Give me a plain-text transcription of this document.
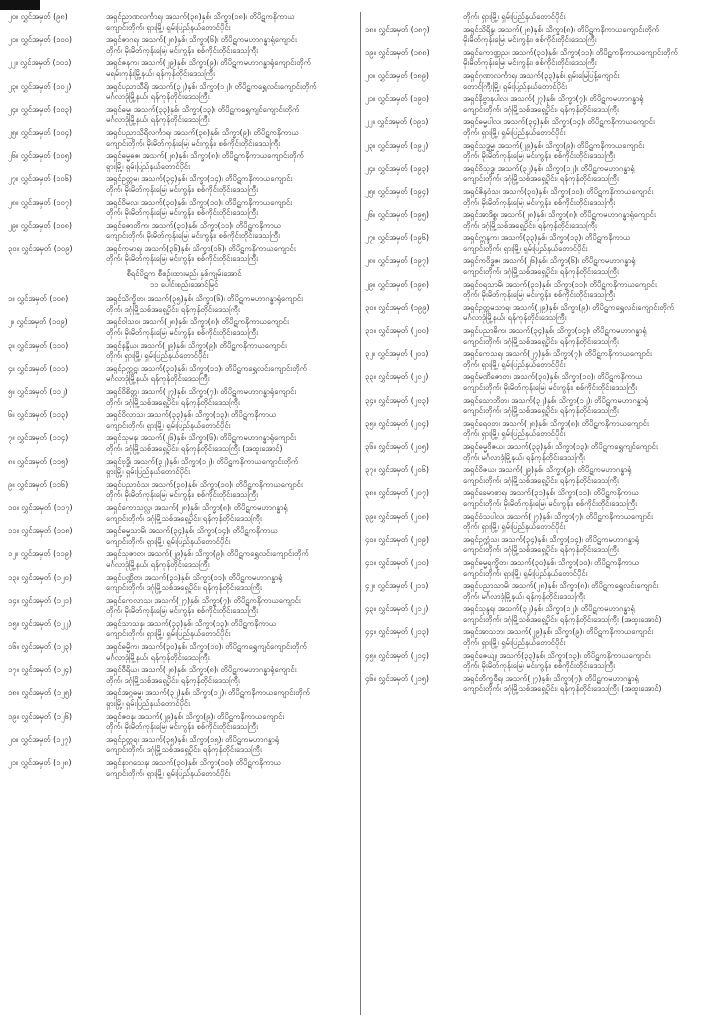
၂၀။ လွှင်အမှတ် (၉၈)	အရှင်ညာဏလင်္ကာရ၊ အသက်(၃၈)နှစ်၊ သိက္ခာ(၁၈)၊ တိပိဋကနိကာယ
ကျောင်းတိုက်၊ ရှားမြို့၊ ရှမ်းပြည်နယ်တောင်ပိုင်း
၂၁။ လွှင်အမှတ် (၁၀၀)	အရှင်ဇာဂရ၊ အသက်(၂၈)နှစ်၊ သိက္ခာ(၆)၊ တိပိဋကမဟာဂန္ဓာရုံကျောင်း
တိုက်၊ မိုးမိတ်ကုန်းမြေ၊ မင်းကွန်း၊ စစ်ကိုင်းတိုင်းဒေသကြီး
၂၂။ လွှင်အမှတ် (၁၀၁)	အရှင်ဇနက၊ အသက်(၂၉)နှစ်၊ သိက္ခာ(၉)၊ တိပိဋကမဟာဂန္ဓာရုံကျောင်းတိုက်
မရမ်းကုန်းမြို့နယ်၊ ရန်ကုန်တိုင်းဒေသကြီး
၂၃။ လွှင်အမှတ် (၁၀၂)	အရှင်ပညာသီရိ၊ အသက်(၃၂)နှစ်၊ သိက္ခာ(၁၂)၊ တိပိဋကရွှေလင်းကျောင်းတိုက်
မင်္ဂလာဒုံမြို့နယ်၊ ရန်ကုန်တိုင်းဒေသကြီး
၂၄။ လွှင်အမှတ် (၁၀၃)	အရှင်ဓမ္မ၊ အသက်(၃၃)နှစ်၊ သိက္ခာ(၁၃)၊ တိပိဋကရွှေကျင်ကျောင်းတိုက်
မင်္ဂလာဒုံမြို့နယ်၊ ရန်ကုန်တိုင်းဒေသကြီး
၂၅။ လွှင်အမှတ် (၁၀၄)	အရှင်ပညာသိရိလင်္ကာရ၊ အသက်(၃၈)နှစ်၊ သိက္ခာ(၉)၊ တိပိဋကနိကာယ
ကျောင်းတိုက်၊ မိုးမိတ်ကုန်းမြေ၊ မင်းကွန်း၊ စစ်ကိုင်းတိုင်းဒေသကြီး
၂၆။ လွှင်အမှတ် (၁၀၅)	အရှင်ဓမ္မဓဇ၊ အသက်(၂၈)နှစ်၊ သိက္ခာ(၈)၊ တိပိဋကနိကာယကျောင်းတိုက်
ရှားမြို့၊ ရှမ်းပြည်နယ်တောင်ပိုင်း
၂၇။ လွှင်အမှတ် (၁၀၆)	အရှင်ဥတ္တမ၊ အသက်(၃၄)နှစ်၊ သိက္ခာ(၁၄)၊ တိပိဋကနိကာယကျောင်း
တိုက်၊ မိုးမိတ်ကုန်းမြေ၊ မင်းကွန်း၊ စစ်ကိုင်းတိုင်းဒေသကြီး
၂၈။ လွှင်အမှတ် (၁၀၇)	အရှင်ဝိမလ၊ အသက်(၃၀)နှစ်၊ သိက္ခာ(၁၀)၊ တိပိဋကနိကာယကျောင်း
တိုက်၊ မိုးမိတ်ကုန်းမြေ၊ မင်းကွန်း၊ စစ်ကိုင်းတိုင်းဒေသကြီး
၂၉။ လွှင်အမှတ် (၁၀၈)	အရှင်ဇောတိက၊ အသက်(၃၁)နှစ်၊ သိက္ခာ(၁၁)၊ တိပိဋကနိကာယ
ကျောင်းတိုက်၊ မိုးမိတ်ကုန်းမြေ၊ မင်းကွန်း၊ စစ်ကိုင်းတိုင်းဒေသကြီး
၃၀။ လွှင်အမှတ် (၁၀၉)	အရှင်ကုမာရ၊ အသက်(၃၆)နှစ်၊ သိက္ခာ(၁၆)၊ တိပိဋကနိကာယကျောင်း
တိုက်၊ မိုးမိတ်ကုန်းမြေ၊ မင်းကွန်း၊ စစ်ကိုင်းတိုင်းဒေသကြီး
စီရင်ပိဋက စီစဉ်းထားမည်၊ နှစ်ကျမ်းအောင်
၁၁ ပေါင်းစည်းအောင်မြင်
၁။ လွှင်အမှတ် (၁၀၈)	အရှင်သိက္ခိတ၊ အသက်(၃၅)နှစ်၊ သိက္ခာ(၆)၊ တိပိဋကမဟာဂန္ဓာရုံကျောင်း
တိုက်၊ ဒဂုံမြို့သစ်အရှေ့ပိုင်း၊ ရန်ကုန်တိုင်းဒေသကြီး
၂။ လွှင်အမှတ် (၁၀၉)	အရှင်ဝါသဝ၊ အသက်(၂၈)နှစ်၊ သိက္ခာ(၈)၊ တိပိဋကနိကာယကျောင်း
တိုက်၊ မိုးမိတ်ကုန်းမြေ၊ မင်းကွန်း၊ စစ်ကိုင်းတိုင်းဒေသကြီး
၃။ လွှင်အမှတ် (၁၁၀)	အရှင်နန္ဒိယ၊ အသက်(၂၉)နှစ်၊ သိက္ခာ(၉)၊ တိပိဋကနိကာယကျောင်း
တိုက်၊ ရှားမြို့၊ ရှမ်းပြည်နယ်တောင်ပိုင်း
၄။ လွှင်အမှတ် (၁၁၁)	အရှင်ဥက္ကဋ္ဌ၊ အသက်(၃၁)နှစ်၊ သိက္ခာ(၁၁)၊ တိပိဋကရွှေလင်းကျောင်းတိုက်
မင်္ဂလာဒုံမြို့နယ်၊ ရန်ကုန်တိုင်းဒေသကြီး
၅။ လွှင်အမှတ် (၁၁၂)	အရှင်ဝိစိတ္တ၊ အသက်(၂၇)နှစ်၊ သိက္ခာ(၇)၊ တိပိဋကမဟာဂန္ဓာရုံကျောင်း
တိုက်၊ ဒဂုံမြို့သစ်အရှေ့ပိုင်း၊ ရန်ကုန်တိုင်းဒေသကြီး
၆။ လွှင်အမှတ် (၁၁၃)	အရှင်ဝိလာသ၊ အသက်(၃၃)နှစ်၊ သိက္ခာ(၁၃)၊ တိပိဋကနိကာယ
ကျောင်းတိုက်၊ ရှားမြို့၊ ရှမ်းပြည်နယ်တောင်ပိုင်း
၇။ လွှင်အမှတ် (၁၁၄)	အရှင်သုမန၊ အသက်(၂၆)နှစ်၊ သိက္ခာ(၆)၊ တိပိဋကမဟာဂန္ဓာရုံကျောင်း
တိုက်၊ ဒဂုံမြို့သစ်အရှေ့ပိုင်း၊ ရန်ကုန်တိုင်းဒေသကြီး (အထူးအောင်)
၈။ လွှင်အမှတ် (၁၁၅)	အရှင်ဗုဒ္ဓိ၊ အသက်(၃၂)နှစ်၊ သိက္ခာ(၁၂)၊ တိပိဋကနိကာယကျောင်းတိုက်
ရှားမြို့၊ ရှမ်းပြည်နယ်တောင်ပိုင်း
၉။ လွှင်အမှတ် (၁၁၆)	အရှင်ပညာဝံသ၊ အသက်(၃၀)နှစ်၊ သိက္ခာ(၁၀)၊ တိပိဋကနိကာယကျောင်း
တိုက်၊ မိုးမိတ်ကုန်းမြေ၊ မင်းကွန်း၊ စစ်ကိုင်းတိုင်းဒေသကြီး
၁၀။ လွှင်အမှတ် (၁၁၇)	အရှင်ကောသလ္လ၊ အသက်(၂၈)နှစ်၊ သိက္ခာ(၈)၊ တိပိဋကမဟာဂန္ဓာရုံ
ကျောင်းတိုက်၊ ဒဂုံမြို့သစ်အရှေ့ပိုင်း၊ ရန်ကုန်တိုင်းဒေသကြီး
၁၁။ လွှင်အမှတ် (၁၁၈)	အရှင်ဓမ္မသာမိ၊ အသက်(၃၄)နှစ်၊ သိက္ခာ(၁၄)၊ တိပိဋကနိကာယ
ကျောင်းတိုက်၊ ရှားမြို့၊ ရှမ်းပြည်နယ်တောင်ပိုင်း
၁၂။ လွှင်အမှတ် (၁၁၉)	အရှင်သုဇာတ၊ အသက်(၂၉)နှစ်၊ သိက္ခာ(၉)၊ တိပိဋကရွှေလင်းကျောင်းတိုက်
မင်္ဂလာဒုံမြို့နယ်၊ ရန်ကုန်တိုင်းဒေသကြီး
၁၃။ လွှင်အမှတ် (၁၂၀)	အရှင်ပဏ္ဍိတ၊ အသက်(၃၁)နှစ်၊ သိက္ခာ(၁၁)၊ တိပိဋကမဟာဂန္ဓာရုံ
ကျောင်းတိုက်၊ ဒဂုံမြို့သစ်အရှေ့ပိုင်း၊ ရန်ကုန်တိုင်းဒေသကြီး
၁၄။ လွှင်အမှတ် (၁၂၁)	အရှင်ကေလာသ၊ အသက်(၂၇)နှစ်၊ သိက္ခာ(၇)၊ တိပိဋကနိကာယကျောင်း
တိုက်၊ မိုးမိတ်ကုန်းမြေ၊ မင်းကွန်း၊ စစ်ကိုင်းတိုင်းဒေသကြီး
၁၅။ လွှင်အမှတ် (၁၂၂)	အရှင်သာသန၊ အသက်(၃၃)နှစ်၊ သိက္ခာ(၁၃)၊ တိပိဋကနိကာယ
ကျောင်းတိုက်၊ ရှားမြို့၊ ရှမ်းပြည်နယ်တောင်ပိုင်း
၁၆။ လွှင်အမှတ် (၁၂၃)	အရှင်ဓမ္မိက၊ အသက်(၃၀)နှစ်၊ သိက္ခာ(၁၀)၊ တိပိဋကရွှေကျင်ကျောင်းတိုက်
မင်္ဂလာဒုံမြို့နယ်၊ ရန်ကုန်တိုင်းဒေသကြီး
၁၇။ လွှင်အမှတ် (၁၂၄)	အရှင်ဝီရိယ၊ အသက်(၂၈)နှစ်၊ သိက္ခာ(၈)၊ တိပိဋကမဟာဂန္ဓာရုံကျောင်း
တိုက်၊ ဒဂုံမြို့သစ်အရှေ့ပိုင်း၊ ရန်ကုန်တိုင်းဒေသကြီး
၁၈။ လွှင်အမှတ် (၁၂၅)	အရှင်အဂ္ဂဓမ္မ၊ အသက်(၃၂)နှစ်၊ သိက္ခာ(၁၂)၊ တိပိဋကနိကာယကျောင်းတိုက်
ရှားမြို့၊ ရှမ်းပြည်နယ်တောင်ပိုင်း
၁၉။ လွှင်အမှတ် (၁၂၆)	အရှင်ဇဝန၊ အသက်(၂၉)နှစ်၊ သိက္ခာ(၉)၊ တိပိဋကနိကာယကျောင်း
တိုက်၊ မိုးမိတ်ကုန်းမြေ၊ မင်းကွန်း၊ စစ်ကိုင်းတိုင်းဒေသကြီး
၂၀။ လွှင်အမှတ် (၁၂၇)	အရှင်ဥတ္တရ၊ အသက်(၃၅)နှစ်၊ သိက္ခာ(၁၅)၊ တိပိဋကမဟာဂန္ဓာရုံ
ကျောင်းတိုက်၊ ဒဂုံမြို့သစ်အရှေ့ပိုင်း၊ ရန်ကုန်တိုင်းဒေသကြီး
၂၁။ လွှင်အမှတ် (၁၂၈)	အရှင်နာဂသေန၊ အသက်(၃၀)နှစ်၊ သိက္ခာ(၁၀)၊ တိပိဋကနိကာယ
ကျောင်းတိုက်၊ ရှားမြို့၊ ရှမ်းပြည်နယ်တောင်ပိုင်း
တိုက်၊ ရှားမြို့၊ ရှမ်းပြည်နယ်တောင်ပိုင်း
၁၈။ လွှင်အမှတ် (၁၈၇)	အရှင်သိရိန္ဒ၊ အသက်(၂၈)နှစ်၊ သိက္ခာ(၈)၊ တိပိဋကနိကာယကျောင်းတိုက်
မိုးမိတ်ကုန်းမြေ၊ မင်းကွန်း၊ စစ်ကိုင်းတိုင်းဒေသကြီး
၁၉။ လွှင်အမှတ် (၁၈၈)	အရှင်ကောဏ္ဍည၊ အသက်(၃၁)နှစ်၊ သိက္ခာ(၁၁)၊ တိပိဋကနိကာယကျောင်းတိုက်
မိုးမိတ်ကုန်းမြေ၊ မင်းကွန်း၊ စစ်ကိုင်းတိုင်းဒေသကြီး
၂၀။ လွှင်အမှတ် (၁၈၉)	အရှင်ဂုဏာလင်္ကာရ၊ အသက်(၃၃)နှစ်၊ ရှမ်းမြေပြန့်ကျောင်း
တောင်ကြီးမြို့၊ ရှမ်းပြည်နယ်တောင်ပိုင်း
၂၁။ လွှင်အမှတ် (၁၉၀)	အရှင်နိဗ္ဗာနပါလ၊ အသက်(၂၇)နှစ်၊ သိက္ခာ(၇)၊ တိပိဋကမဟာဂန္ဓာရုံ
ကျောင်းတိုက်၊ ဒဂုံမြို့သစ်အရှေ့ပိုင်း၊ ရန်ကုန်တိုင်းဒေသကြီး
၂၂။ လွှင်အမှတ် (၁၉၁)	အရှင်ဓမ္မပါလ၊ အသက်(၃၄)နှစ်၊ သိက္ခာ(၁၄)၊ တိပိဋကနိကာယကျောင်း
တိုက်၊ ရှားမြို့၊ ရှမ်းပြည်နယ်တောင်ပိုင်း
၂၃။ လွှင်အမှတ် (၁၉၂)	အရှင်သဒ္ဓမ္မ၊ အသက်(၂၉)နှစ်၊ သိက္ခာ(၉)၊ တိပိဋကနိကာယကျောင်း
တိုက်၊ မိုးမိတ်ကုန်းမြေ၊ မင်းကွန်း၊ စစ်ကိုင်းတိုင်းဒေသကြီး
၂၄။ လွှင်အမှတ် (၁၉၃)	အရှင်ဝိသုဒ္ဓ၊ အသက်(၃၂)နှစ်၊ သိက္ခာ(၁၂)၊ တိပိဋကမဟာဂန္ဓာရုံ
ကျောင်းတိုက်၊ ဒဂုံမြို့သစ်အရှေ့ပိုင်း၊ ရန်ကုန်တိုင်းဒေသကြီး
၂၅။ လွှင်အမှတ် (၁၉၄)	အရှင်ဇိနဝံသ၊ အသက်(၃၀)နှစ်၊ သိက္ခာ(၁၀)၊ တိပိဋကနိကာယကျောင်း
တိုက်၊ မိုးမိတ်ကုန်းမြေ၊ မင်းကွန်း၊ စစ်ကိုင်းတိုင်းဒေသကြီး
၂၆။ လွှင်အမှတ် (၁၉၅)	အရှင်အာဒိစ္စ၊ အသက်(၂၈)နှစ်၊ သိက္ခာ(၈)၊ တိပိဋကမဟာဂန္ဓာရုံကျောင်း
တိုက်၊ ဒဂုံမြို့သစ်အရှေ့ပိုင်း၊ ရန်ကုန်တိုင်းဒေသကြီး
၂၇။ လွှင်အမှတ် (၁၉၆)	အရှင်ဣန္ဒက၊ အသက်(၃၃)နှစ်၊ သိက္ခာ(၁၃)၊ တိပိဋကနိကာယ
ကျောင်းတိုက်၊ ရှားမြို့၊ ရှမ်းပြည်နယ်တောင်ပိုင်း
၂၈။ လွှင်အမှတ် (၁၉၇)	အရှင်ကဝိဒ္ဓဇ၊ အသက်(၂၆)နှစ်၊ သိက္ခာ(၆)၊ တိပိဋကမဟာဂန္ဓာရုံ
ကျောင်းတိုက်၊ ဒဂုံမြို့သစ်အရှေ့ပိုင်း၊ ရန်ကုန်တိုင်းဒေသကြီး
၂၉။ လွှင်အမှတ် (၁၉၈)	အရှင်ဝရသာမိ၊ အသက်(၃၁)နှစ်၊ သိက္ခာ(၁၁)၊ တိပိဋကနိကာယကျောင်း
တိုက်၊ မိုးမိတ်ကုန်းမြေ၊ မင်းကွန်း၊ စစ်ကိုင်းတိုင်းဒေသကြီး
၃၀။ လွှင်အမှတ် (၁၉၉)	အရှင်ဥတ္တမသာရ၊ အသက်(၂၉)နှစ်၊ သိက္ခာ(၉)၊ တိပိဋကရွှေလင်းကျောင်းတိုက်
မင်္ဂလာဒုံမြို့နယ်၊ ရန်ကုန်တိုင်းဒေသကြီး
၃၁။ လွှင်အမှတ် (၂၀၀)	အရှင်ပညာဓိက၊ အသက်(၃၄)နှစ်၊ သိက္ခာ(၁၄)၊ တိပိဋကမဟာဂန္ဓာရုံ
ကျောင်းတိုက်၊ ဒဂုံမြို့သစ်အရှေ့ပိုင်း၊ ရန်ကုန်တိုင်းဒေသကြီး
၃၂။ လွှင်အမှတ် (၂၀၁)	အရှင်ကေသရ၊ အသက်(၂၇)နှစ်၊ သိက္ခာ(၇)၊ တိပိဋကနိကာယကျောင်း
တိုက်၊ ရှားမြို့၊ ရှမ်းပြည်နယ်တောင်ပိုင်း
၃၃။ လွှင်အမှတ် (၂၀၂)	အရှင်မဏိဇောတ၊ အသက်(၃၀)နှစ်၊ သိက္ခာ(၁၀)၊ တိပိဋကနိကာယ
ကျောင်းတိုက်၊ မိုးမိတ်ကုန်းမြေ၊ မင်းကွန်း၊ စစ်ကိုင်းတိုင်းဒေသကြီး
၃၄။ လွှင်အမှတ် (၂၀၃)	အရှင်သောဘိတ၊ အသက်(၃၂)နှစ်၊ သိက္ခာ(၁၂)၊ တိပိဋကမဟာဂန္ဓာရုံ
ကျောင်းတိုက်၊ ဒဂုံမြို့သစ်အရှေ့ပိုင်း၊ ရန်ကုန်တိုင်းဒေသကြီး
၃၅။ လွှင်အမှတ် (၂၀၄)	အရှင်ရေဝတ၊ အသက်(၂၈)နှစ်၊ သိက္ခာ(၈)၊ တိပိဋကနိကာယကျောင်း
တိုက်၊ ရှားမြို့၊ ရှမ်းပြည်နယ်တောင်ပိုင်း
၃၆။ လွှင်အမှတ် (၂၀၅)	အရှင်ဓမ္မဝိဇယ၊ အသက်(၃၃)နှစ်၊ သိက္ခာ(၁၃)၊ တိပိဋကရွှေကျင်ကျောင်း
တိုက်၊ မင်္ဂလာဒုံမြို့နယ်၊ ရန်ကုန်တိုင်းဒေသကြီး
၃၇။ လွှင်အမှတ် (၂၀၆)	အရှင်ဝိဇယ၊ အသက်(၂၉)နှစ်၊ သိက္ခာ(၉)၊ တိပိဋကမဟာဂန္ဓာရုံ
ကျောင်းတိုက်၊ ဒဂုံမြို့သစ်အရှေ့ပိုင်း၊ ရန်ကုန်တိုင်းဒေသကြီး
၃၈။ လွှင်အမှတ် (၂၀၇)	အရှင်ခေမာစာရ၊ အသက်(၃၁)နှစ်၊ သိက္ခာ(၁၁)၊ တိပိဋကနိကာယ
ကျောင်းတိုက်၊ မိုးမိတ်ကုန်းမြေ၊ မင်းကွန်း၊ စစ်ကိုင်းတိုင်းဒေသကြီး
၃၉။ လွှင်အမှတ် (၂၀၈)	အရှင်ဝံသပါလ၊ အသက်(၂၇)နှစ်၊ သိက္ခာ(၇)၊ တိပိဋကနိကာယကျောင်း
တိုက်၊ ရှားမြို့၊ ရှမ်းပြည်နယ်တောင်ပိုင်း
၄၀။ လွှင်အမှတ် (၂၀၉)	အရှင်ဥက္ကံသ၊ အသက်(၃၄)နှစ်၊ သိက္ခာ(၁၄)၊ တိပိဋကမဟာဂန္ဓာရုံ
ကျောင်းတိုက်၊ ဒဂုံမြို့သစ်အရှေ့ပိုင်း၊ ရန်ကုန်တိုင်းဒေသကြီး
၄၁။ လွှင်အမှတ် (၂၁၀)	အရှင်ဓမ္မရက္ခိတ၊ အသက်(၃၀)နှစ်၊ သိက္ခာ(၁၀)၊ တိပိဋကနိကာယ
ကျောင်းတိုက်၊ ရှားမြို့၊ ရှမ်းပြည်နယ်တောင်ပိုင်း
၄၂။ လွှင်အမှတ် (၂၁၁)	အရှင်ပညာသာမိ၊ အသက်(၂၈)နှစ်၊ သိက္ခာ(၈)၊ တိပိဋကရွှေလင်းကျောင်း
တိုက်၊ မင်္ဂလာဒုံမြို့နယ်၊ ရန်ကုန်တိုင်းဒေသကြီး
၄၃။ လွှင်အမှတ် (၂၁၂)	အရှင်သုန္ဒရ၊ အသက်(၃၂)နှစ်၊ သိက္ခာ(၁၂)၊ တိပိဋကမဟာဂန္ဓာရုံ
ကျောင်းတိုက်၊ ဒဂုံမြို့သစ်အရှေ့ပိုင်း၊ ရန်ကုန်တိုင်းဒေသကြီး (အထူးအောင်)
၄၄။ လွှင်အမှတ် (၂၁၃)	အရှင်အာသဘ၊ အသက်(၂၉)နှစ်၊ သိက္ခာ(၉)၊ တိပိဋကနိကာယကျောင်း
တိုက်၊ ရှားမြို့၊ ရှမ်းပြည်နယ်တောင်ပိုင်း
၄၅။ လွှင်အမှတ် (၂၁၄)	အရှင်ဇေယျ၊ အသက်(၃၃)နှစ်၊ သိက္ခာ(၁၃)၊ တိပိဋကနိကာယကျောင်း
တိုက်၊ မိုးမိတ်ကုန်းမြေ၊ မင်းကွန်း၊ စစ်ကိုင်းတိုင်းဒေသကြီး
၄၆။ လွှင်အမှတ် (၂၁၅)	အရှင်တိက္ခဝီရ၊ အသက်(၂၇)နှစ်၊ သိက္ခာ(၇)၊ တိပိဋကမဟာဂန္ဓာရုံ
ကျောင်းတိုက်၊ ဒဂုံမြို့သစ်အရှေ့ပိုင်း၊ ရန်ကုန်တိုင်းဒေသကြီး (အထူးအောင်)
